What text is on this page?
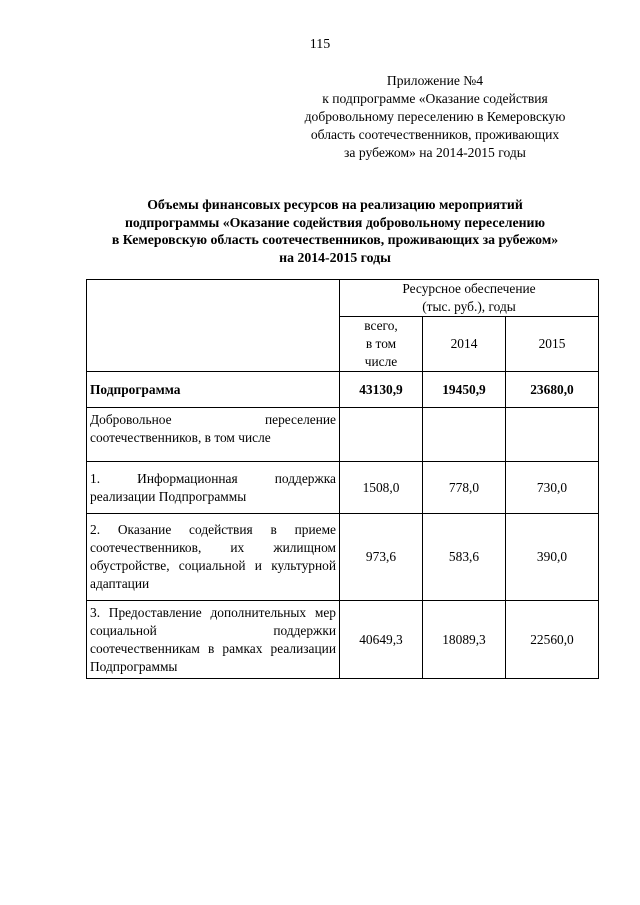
115
Приложение №4
к подпрограмме «Оказание содействия
добровольному переселению в Кемеровскую
область соотечественников, проживающих
за рубежом» на 2014-2015 годы
Объемы финансовых ресурсов на реализацию мероприятий
подпрограммы «Оказание содействия добровольному переселению
в Кемеровскую область соотечественников, проживающих за рубежом»
на 2014-2015 годы

	Ресурсное обеспечение
(тыс. руб.), годы		

	всего,
в том
числе	2014	2015
Подпрограмма	43130,9	19450,9	23680,0
Добровольное переселение соотечественников, в том числе			
1. Информационная поддержка реализации Подпрограммы	1508,0	778,0	730,0
2. Оказание содействия в приеме соотечественников, их жилищном обустройстве, социальной и культурной адаптации	973,6	583,6	390,0
3. Предоставление дополнительных мер социальной поддержки соотечественникам в рамках реализации Подпрограммы	40649,3	18089,3	22560,0
